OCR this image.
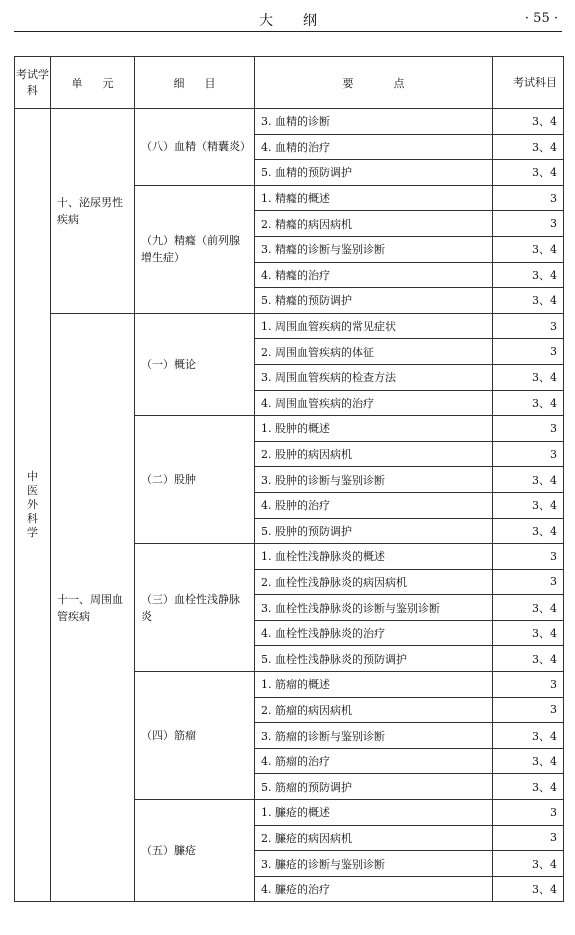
大纲	· 55 ·
考试学科	单元	细目	要点	考试科目
中医外科学	十、泌尿男性疾病	（八）血精（精囊炎）	3. 血精的诊断	3、4
			4. 血精的治疗	3、4
			5. 血精的预防调护	3、4
		（九）精癃（前列腺增生症）	1. 精癃的概述	3
			2. 精癃的病因病机	3
			3. 精癃的诊断与鉴别诊断	3、4
			4. 精癃的治疗	3、4
			5. 精癃的预防调护	3、4
	十一、周围血管疾病	（一）概论	1. 周围血管疾病的常见症状	3
			2. 周围血管疾病的体征	3
			3. 周围血管疾病的检查方法	3、4
			4. 周围血管疾病的治疗	3、4
		（二）股肿	1. 股肿的概述	3
			2. 股肿的病因病机	3
			3. 股肿的诊断与鉴别诊断	3、4
			4. 股肿的治疗	3、4
			5. 股肿的预防调护	3、4
		（三）血栓性浅静脉炎	1. 血栓性浅静脉炎的概述	3
			2. 血栓性浅静脉炎的病因病机	3
			3. 血栓性浅静脉炎的诊断与鉴别诊断	3、4
			4. 血栓性浅静脉炎的治疗	3、4
			5. 血栓性浅静脉炎的预防调护	3、4
		（四）筋瘤	1. 筋瘤的概述	3
			2. 筋瘤的病因病机	3
			3. 筋瘤的诊断与鉴别诊断	3、4
			4. 筋瘤的治疗	3、4
			5. 筋瘤的预防调护	3、4
		（五）臁疮	1. 臁疮的概述	3
			2. 臁疮的病因病机	3
			3. 臁疮的诊断与鉴别诊断	3、4
			4. 臁疮的治疗	3、4
